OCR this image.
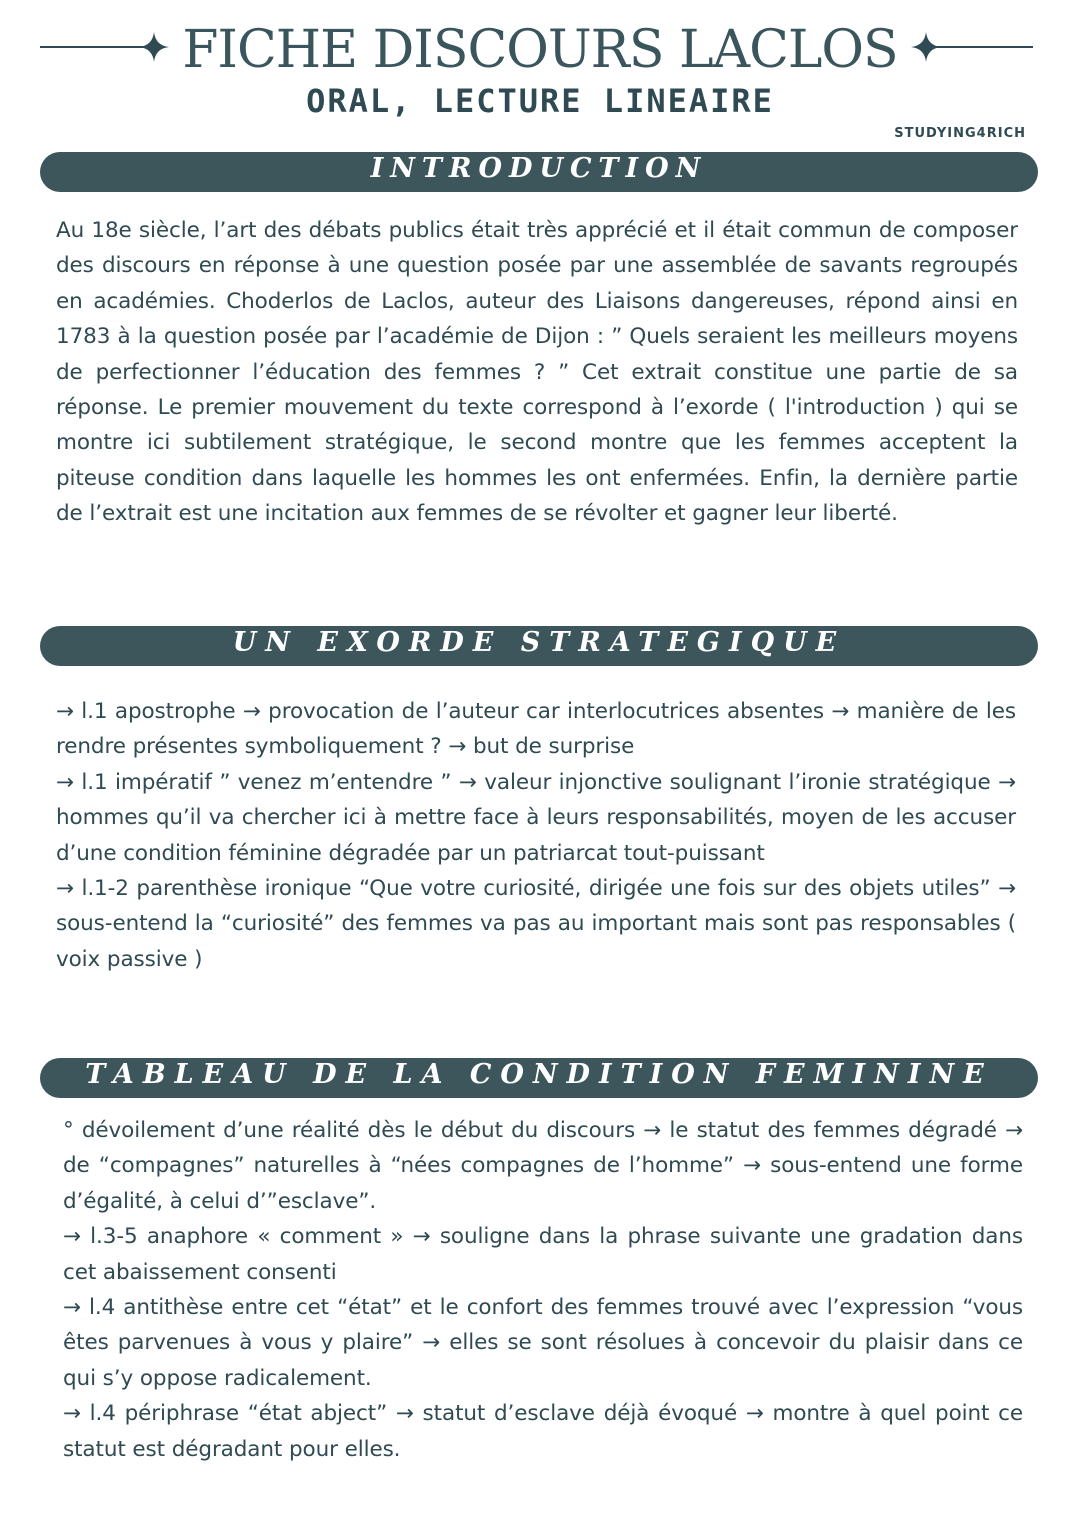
FICHE DISCOURS LACLOS
ORAL, LECTURE LINEAIRE
STUDYING4RICH
INTRODUCTION

Au 18e siècle, l’art des débats publics était très apprécié et il était commun de composer des discours en réponse à une question posée par une assemblée de savants regroupés en académies. Choderlos de Laclos, auteur des Liaisons dangereuses, répond ainsi en 1783 à la question posée par l’académie de Dijon : ” Quels seraient les meilleurs moyens de perfectionner l’éducation des femmes ? ” Cet extrait constitue une partie de sa réponse. Le premier mouvement du texte correspond à l’exorde ( l'introduction ) qui se montre ici subtilement stratégique, le second montre que les femmes acceptent la piteuse condition dans laquelle les hommes les ont enfermées. Enfin, la dernière partie de l’extrait est une incitation aux femmes de se révolter et gagner leur liberté.

UN EXORDE STRATEGIQUE

→ l.1 apostrophe → provocation de l’auteur car interlocutrices absentes → manière de les rendre présentes symboliquement ? → but de surprise

→ l.1 impératif ” venez m’entendre ” → valeur injonctive soulignant l’ironie stratégique → hommes qu’il va chercher ici à mettre face à leurs responsabilités, moyen de les accuser d’une condition féminine dégradée par un patriarcat tout-puissant

→ l.1-2 parenthèse ironique “Que votre curiosité, dirigée une fois sur des objets utiles” → sous-entend la “curiosité” des femmes va pas au important mais sont pas responsables ( voix passive )

TABLEAU DE LA CONDITION FEMININE

° dévoilement d’une réalité dès le début du discours → le statut des femmes dégradé → de “compagnes” naturelles à “nées compagnes de l’homme” → sous-entend une forme d’égalité, à celui d’”esclave”.

→ l.3-5 anaphore « comment » → souligne dans la phrase suivante une gradation dans cet abaissement consenti

→ l.4 antithèse entre cet “état” et le confort des femmes trouvé avec l’expression “vous êtes parvenues à vous y plaire” → elles se sont résolues à concevoir du plaisir dans ce qui s’y oppose radicalement.

→ l.4 périphrase “état abject” → statut d’esclave déjà évoqué → montre à quel point ce statut est dégradant pour elles.
